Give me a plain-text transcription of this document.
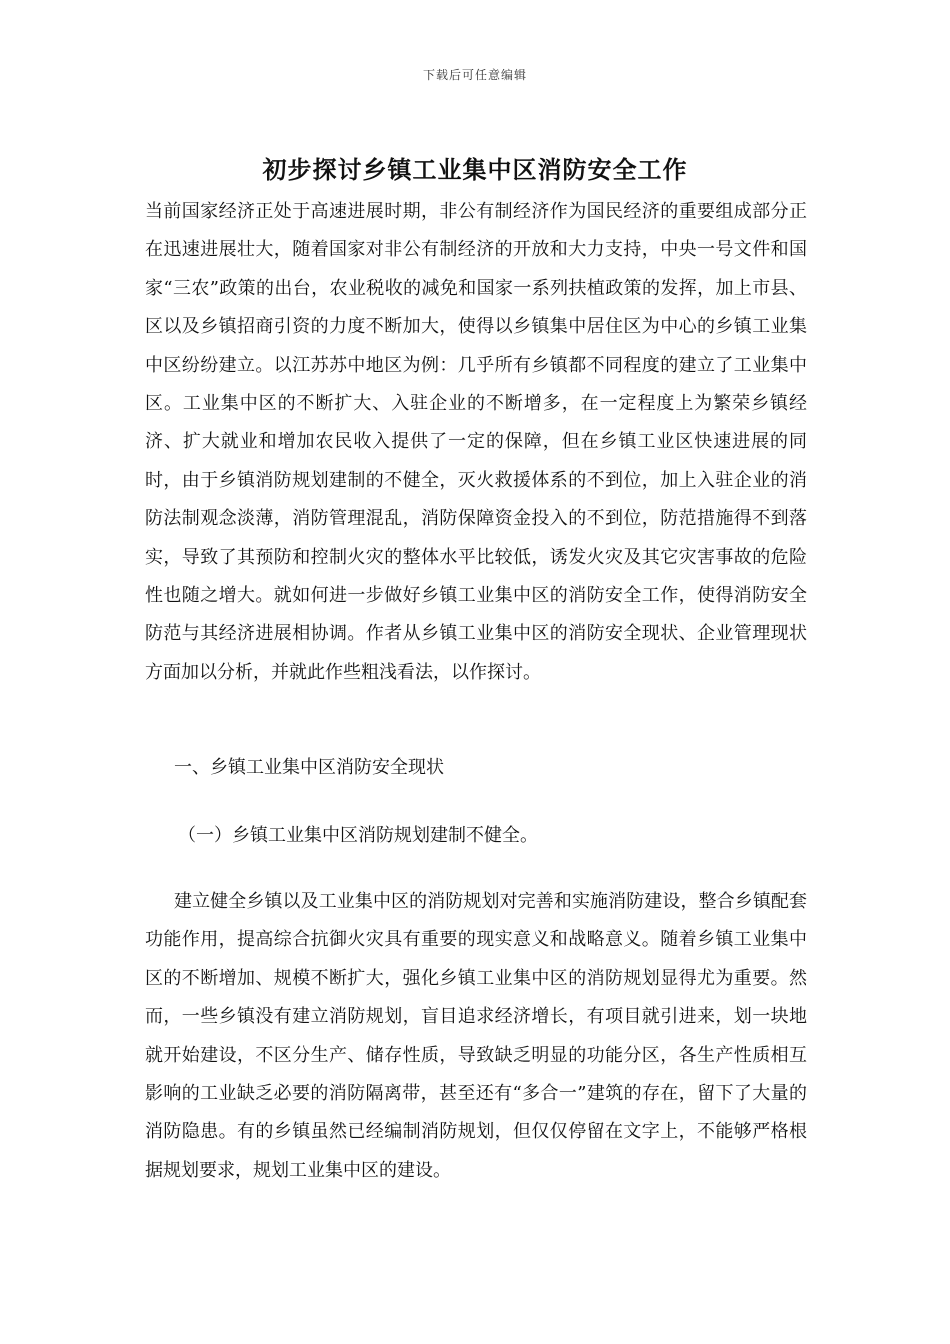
下载后可任意编辑
初步探讨乡镇工业集中区消防安全工作

当前国家经济正处于高速进展时期，非公有制经济作为国民经济的重要组成部分正在迅速进展壮大，随着国家对非公有制经济的开放和大力支持，中央一号文件和国家“三农”政策的出台，农业税收的减免和国家一系列扶植政策的发挥，加上市县、区以及乡镇招商引资的力度不断加大，使得以乡镇集中居住区为中心的乡镇工业集中区纷纷建立。以江苏苏中地区为例：几乎所有乡镇都不同程度的建立了工业集中区。工业集中区的不断扩大、入驻企业的不断增多，在一定程度上为繁荣乡镇经济、扩大就业和增加农民收入提供了一定的保障，但在乡镇工业区快速进展的同时，由于乡镇消防规划建制的不健全，灭火救援体系的不到位，加上入驻企业的消防法制观念淡薄，消防管理混乱，消防保障资金投入的不到位，防范措施得不到落实，导致了其预防和控制火灾的整体水平比较低，诱发火灾及其它灾害事故的危险性也随之增大。就如何进一步做好乡镇工业集中区的消防安全工作，使得消防安全防范与其经济进展相协调。作者从乡镇工业集中区的消防安全现状、企业管理现状方面加以分析，并就此作些粗浅看法，以作探讨。

一、乡镇工业集中区消防安全现状

（一）乡镇工业集中区消防规划建制不健全。

建立健全乡镇以及工业集中区的消防规划对完善和实施消防建设，整合乡镇配套功能作用，提高综合抗御火灾具有重要的现实意义和战略意义。随着乡镇工业集中区的不断增加、规模不断扩大，强化乡镇工业集中区的消防规划显得尤为重要。然而，一些乡镇没有建立消防规划，盲目追求经济增长，有项目就引进来，划一块地就开始建设，不区分生产、储存性质，导致缺乏明显的功能分区，各生产性质相互影响的工业缺乏必要的消防隔离带，甚至还有“多合一”建筑的存在，留下了大量的消防隐患。有的乡镇虽然已经编制消防规划，但仅仅停留在文字上，不能够严格根据规划要求，规划工业集中区的建设。
